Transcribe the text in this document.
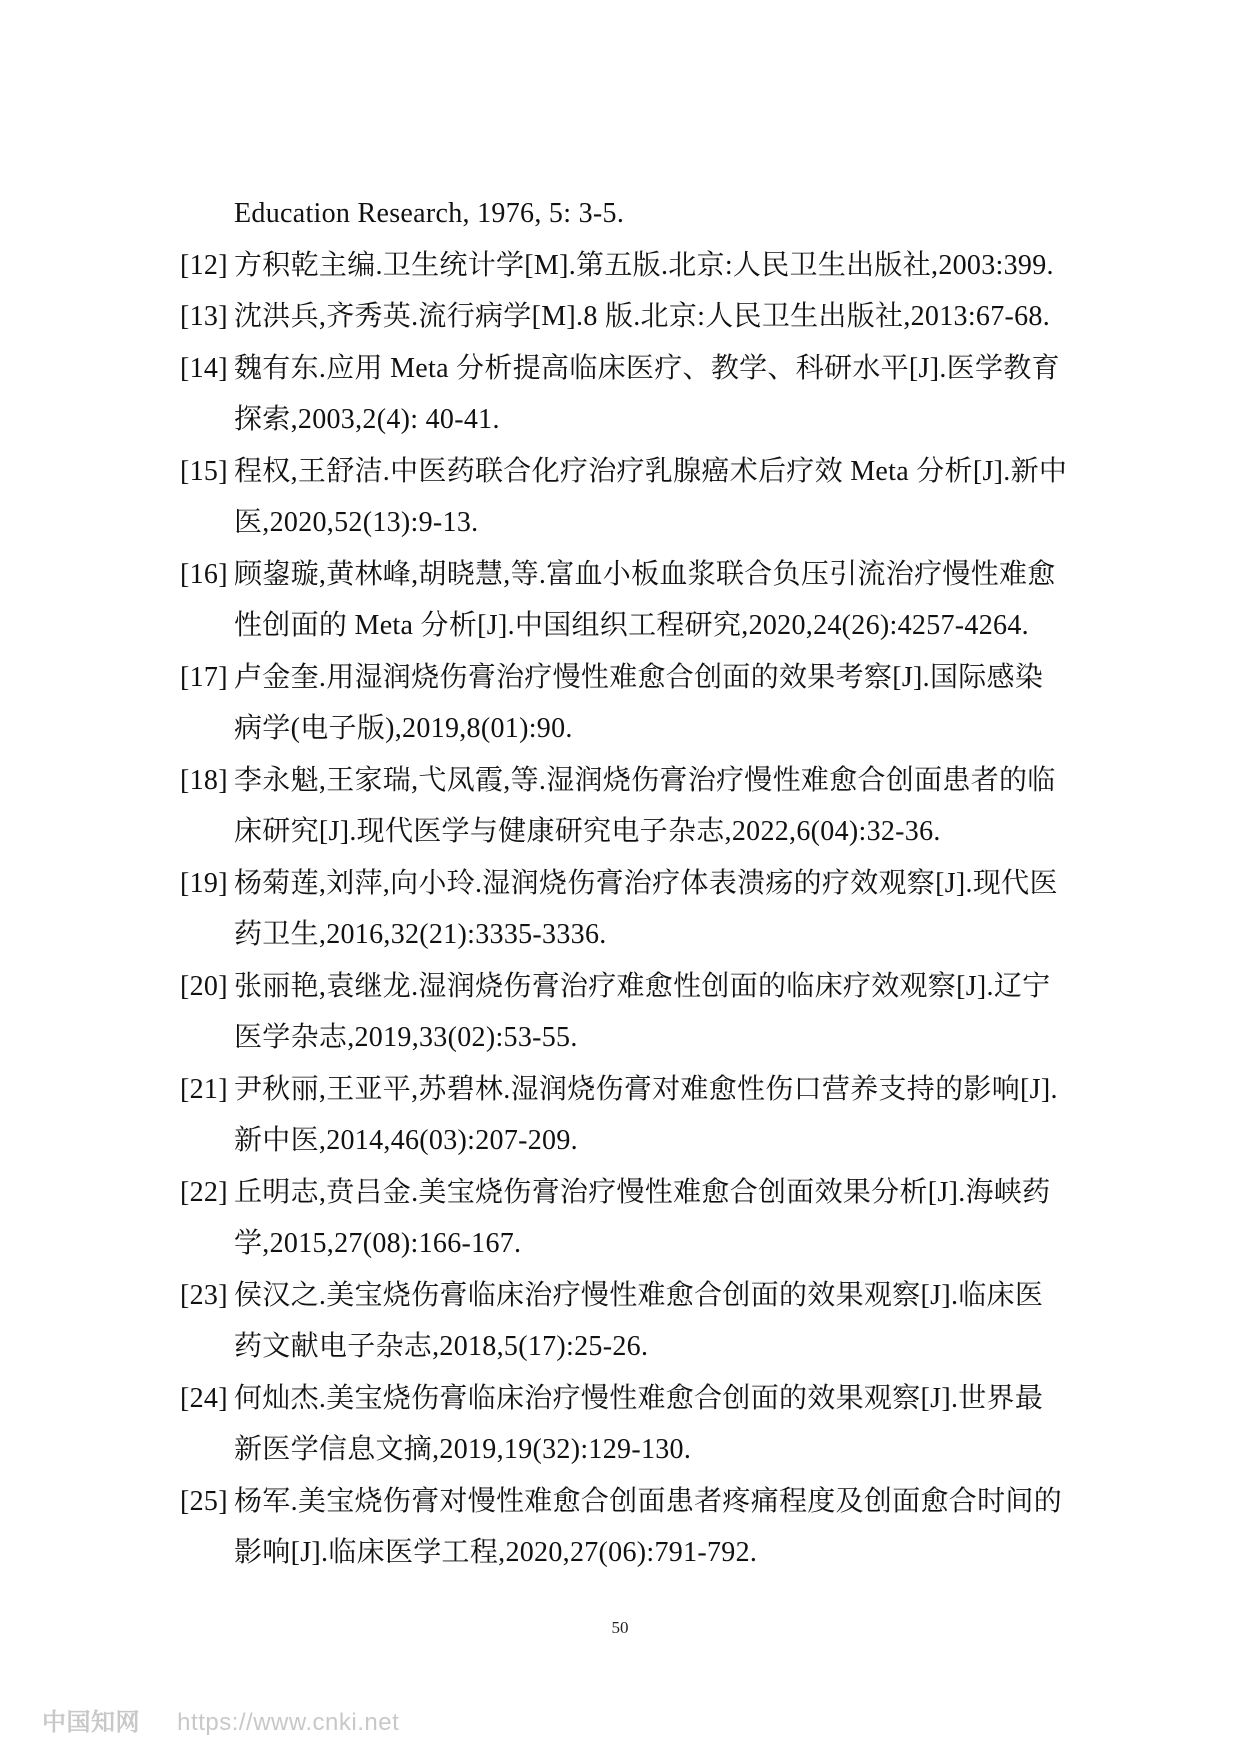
Education Research, 1976, 5: 3-5.
[12] 方积乾主编.卫生统计学[M].第五版.北京:人民卫生出版社,2003:399.
[13] 沈洪兵,齐秀英.流行病学[M].8 版.北京:人民卫生出版社,2013:67-68.
[14] 魏有东.应用 Meta 分析提高临床医疗、教学、科研水平[J].医学教育
探索,2003,2(4): 40-41.
[15] 程权,王舒洁.中医药联合化疗治疗乳腺癌术后疗效 Meta 分析[J].新中
医,2020,52(13):9-13.
[16] 顾鋆璇,黄林峰,胡晓慧,等.富血小板血浆联合负压引流治疗慢性难愈
性创面的 Meta 分析[J].中国组织工程研究,2020,24(26):4257-4264.
[17] 卢金奎.用湿润烧伤膏治疗慢性难愈合创面的效果考察[J].国际感染
病学(电子版),2019,8(01):90.
[18] 李永魁,王家瑞,弋凤霞,等.湿润烧伤膏治疗慢性难愈合创面患者的临
床研究[J].现代医学与健康研究电子杂志,2022,6(04):32-36.
[19] 杨菊莲,刘萍,向小玲.湿润烧伤膏治疗体表溃疡的疗效观察[J].现代医
药卫生,2016,32(21):3335-3336.
[20] 张丽艳,袁继龙.湿润烧伤膏治疗难愈性创面的临床疗效观察[J].辽宁
医学杂志,2019,33(02):53-55.
[21] 尹秋丽,王亚平,苏碧林.湿润烧伤膏对难愈性伤口营养支持的影响[J].
新中医,2014,46(03):207-209.
[22] 丘明志,贲吕金.美宝烧伤膏治疗慢性难愈合创面效果分析[J].海峡药
学,2015,27(08):166-167.
[23] 侯汉之.美宝烧伤膏临床治疗慢性难愈合创面的效果观察[J].临床医
药文献电子杂志,2018,5(17):25-26.
[24] 何灿杰.美宝烧伤膏临床治疗慢性难愈合创面的效果观察[J].世界最
新医学信息文摘,2019,19(32):129-130.
[25] 杨军.美宝烧伤膏对慢性难愈合创面患者疼痛程度及创面愈合时间的
影响[J].临床医学工程,2020,27(06):791-792.
50
中国知网 https://www.cnki.net
